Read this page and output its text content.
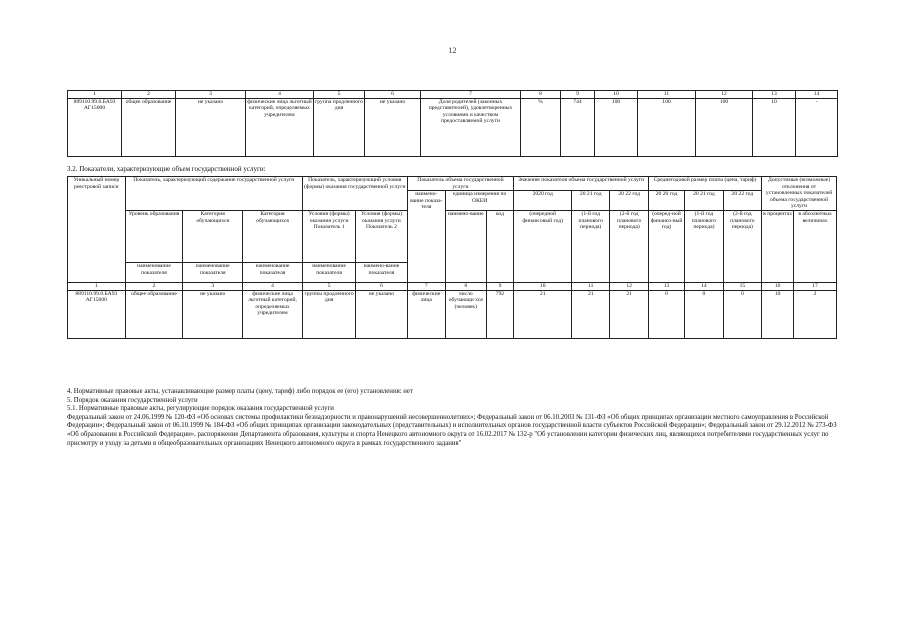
12
1	2	3	4	5	6	7	8	9	10	11	12	13	14
889110.99.0.БА93 АГ15000	общее образование	не указано	физические лица льготный категорий, определяемых учредителем	группа продленного дня	не указано	Доля родителей (законных представителей), удовлетворенных условиями и качеством предоставляемой услуги	%	744	100	100	100	10	-
3.2. Показатели, характеризующие объем государственной услуги:
Уникальный номер реестровой записи	Показатель, характеризующий содержание государственной услуги			Показатель, характеризующий условия (формы) оказания государственной услуги		Показатель объема государственной услуги			Значение показателя объема государственной услуги			Среднегодовой размер платы (цена, тариф)			Допустимые (возможные) отклонения от установленных показателей объема государственной услуги	
						наимено-вание показа-теля	единица измерения по ОКЕИ		2020 год	20 21 год	20 22 год	20 20 год	20 21 год	20 22 год		
	Уровень образования	Категория обучающихся	Категория обучающихся	Условия (формы) оказания услуги Показатель 1	Условия (формы) оказания услуги Показатель 2		наимено-вание	код	(очередной финансовый год)	(1-й год планового периода)	(2-й год планового периода)	(очеред-ной финансо-вый год)	(1-й год планового периода)	(2-й год планового периода)	в процентах	в абсолютных величинах
	наименование показателя	наименование показателя	наименование показателя	наименование показателя	наимено-вание показателя											
1	2	3	4	5	6	7	8	9	10	11	12	13	14	15	16	17
889110.99.0.БА93 АГ15000	общее образование	не указано	физические лица льготный категорий, определяемых учредителем	группы продленного дня	не указано	физические лица	число обучающи хся (человек)	792	21	21	21	0	0	0	10	2
4. Нормативные правовые акты, устанавливающие размер платы (цену, тариф) либо порядок ее (его) установления: нет
5. Порядок оказания государственной услуги
5.1. Нормативные правовые акты, регулирующие порядок оказания государственной услуги
Федеральный закон от 24.06.1999 № 120-ФЗ «Об основах системы профилактики безнадзорности и правонарушений несовершеннолетних»; Федеральный закон от 06.10.2003 № 131-ФЗ «Об общих принципах организации местного самоуправления в Российской Федерации»; Федеральный закон от 06.10.1999 № 184-ФЗ «Об общих принципах организации законодательных (представительных) и исполнительных органов государственной власти субъектов Российской Федерации»; Федеральный закон от 29.12.2012 № 273-ФЗ «Об образовании в Российской Федерации», распоряжение Департамента образования, культуры и спорта Ненецкого автономного округа от 16.02.2017 № 132-р "Об установлении категории физических лиц, являющихся потребителями государственных услуг по присмотру и уходу за детьми в общеобразовательных организациях Ненецкого автономного округа в рамках государственного задания"
